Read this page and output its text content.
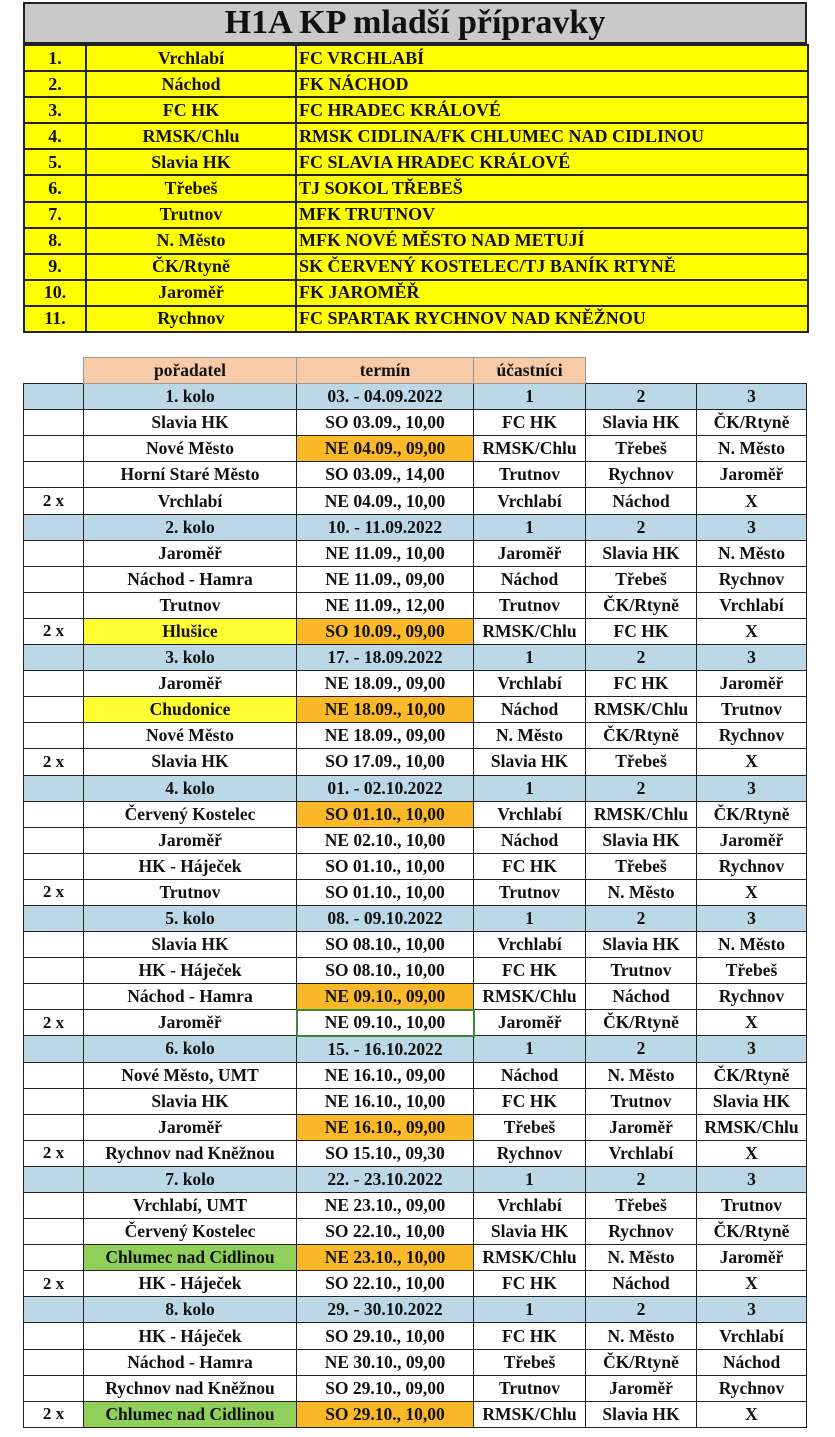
H1A KP mladší přípravky
1.	Vrchlabí	FC VRCHLABÍ
2.	Náchod	FK NÁCHOD
3.	FC HK	FC HRADEC KRÁLOVÉ
4.	RMSK/Chlu	RMSK CIDLINA/FK CHLUMEC NAD CIDLINOU
5.	Slavia HK	FC SLAVIA HRADEC KRÁLOVÉ
6.	Třebeš	TJ SOKOL TŘEBEŠ
7.	Trutnov	MFK TRUTNOV
8.	N. Město	MFK NOVÉ MĚSTO NAD METUJÍ
9.	ČK/Rtyně	SK ČERVENÝ KOSTELEC/TJ BANÍK RTYNĚ
10.	Jaroměř	FK JAROMĚŘ
11.	Rychnov	FC SPARTAK RYCHNOV NAD KNĚŽNOU
	pořadatel	termín	účastníci		
	1. kolo	03. - 04.09.2022	1	2	3
	Slavia HK	SO 03.09., 10,00	FC HK	Slavia HK	ČK/Rtyně
	Nové Město	NE 04.09., 09,00	RMSK/Chlu	Třebeš	N. Město
	Horní Staré Město	SO 03.09., 14,00	Trutnov	Rychnov	Jaroměř
2 x	Vrchlabí	NE 04.09., 10,00	Vrchlabí	Náchod	X
	2. kolo	10. - 11.09.2022	1	2	3
	Jaroměř	NE 11.09., 10,00	Jaroměř	Slavia HK	N. Město
	Náchod - Hamra	NE 11.09., 09,00	Náchod	Třebeš	Rychnov
	Trutnov	NE 11.09., 12,00	Trutnov	ČK/Rtyně	Vrchlabí
2 x	Hlušice	SO 10.09., 09,00	RMSK/Chlu	FC HK	X
	3. kolo	17. - 18.09.2022	1	2	3
	Jaroměř	NE 18.09., 09,00	Vrchlabí	FC HK	Jaroměř
	Chudonice	NE 18.09., 10,00	Náchod	RMSK/Chlu	Trutnov
	Nové Město	NE 18.09., 09,00	N. Město	ČK/Rtyně	Rychnov
2 x	Slavia HK	SO 17.09., 10,00	Slavia HK	Třebeš	X
	4. kolo	01. - 02.10.2022	1	2	3
	Červený Kostelec	SO 01.10., 10,00	Vrchlabí	RMSK/Chlu	ČK/Rtyně
	Jaroměř	NE 02.10., 10,00	Náchod	Slavia HK	Jaroměř
	HK - Háječek	SO 01.10., 10,00	FC HK	Třebeš	Rychnov
2 x	Trutnov	SO 01.10., 10,00	Trutnov	N. Město	X
	5. kolo	08. - 09.10.2022	1	2	3
	Slavia HK	SO 08.10., 10,00	Vrchlabí	Slavia HK	N. Město
	HK - Háječek	SO 08.10., 10,00	FC HK	Trutnov	Třebeš
	Náchod - Hamra	NE 09.10., 09,00	RMSK/Chlu	Náchod	Rychnov
2 x	Jaroměř	NE 09.10., 10,00	Jaroměř	ČK/Rtyně	X
	6. kolo	15. - 16.10.2022	1	2	3
	Nové Město, UMT	NE 16.10., 09,00	Náchod	N. Město	ČK/Rtyně
	Slavia HK	NE 16.10., 10,00	FC HK	Trutnov	Slavia HK
	Jaroměř	NE 16.10., 09,00	Třebeš	Jaroměř	RMSK/Chlu
2 x	Rychnov nad Kněžnou	SO 15.10., 09,30	Rychnov	Vrchlabí	X
	7. kolo	22. - 23.10.2022	1	2	3
	Vrchlabí, UMT	NE 23.10., 09,00	Vrchlabí	Třebeš	Trutnov
	Červený Kostelec	SO 22.10., 10,00	Slavia HK	Rychnov	ČK/Rtyně
	Chlumec nad Cidlinou	NE 23.10., 10,00	RMSK/Chlu	N. Město	Jaroměř
2 x	HK - Háječek	SO 22.10., 10,00	FC HK	Náchod	X
	8. kolo	29. - 30.10.2022	1	2	3
	HK - Háječek	SO 29.10., 10,00	FC HK	N. Město	Vrchlabí
	Náchod - Hamra	NE 30.10., 09,00	Třebeš	ČK/Rtyně	Náchod
	Rychnov nad Kněžnou	SO 29.10., 09,00	Trutnov	Jaroměř	Rychnov
2 x	Chlumec nad Cidlinou	SO 29.10., 10,00	RMSK/Chlu	Slavia HK	X
